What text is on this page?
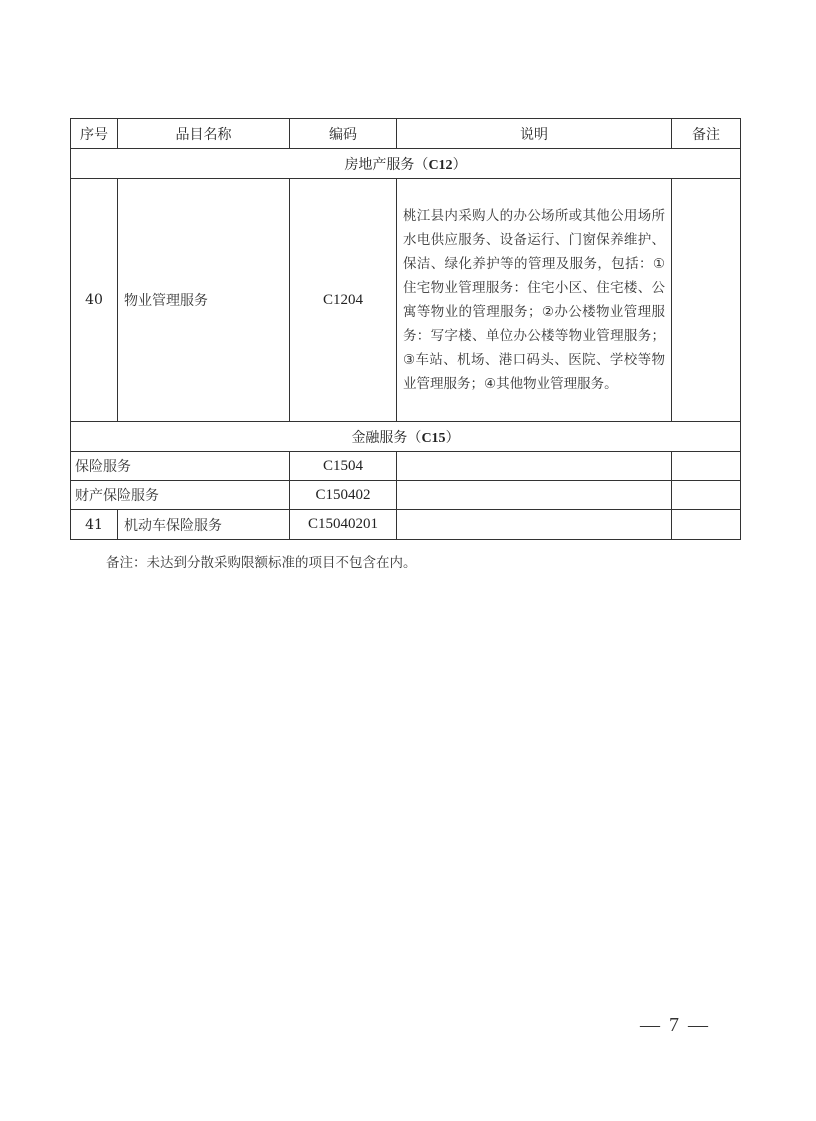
序号	品目名称	编码	说明	备注
房地产服务（C12）				
40	物业管理服务	C1204	桃江县内采购人的办公场所或其他公用场所水电供应服务、设备运行、门窗保养维护、保洁、绿化养护等的管理及服务，包括：①住宅物业管理服务：住宅小区、住宅楼、公寓等物业的管理服务；②办公楼物业管理服务：写字楼、单位办公楼等物业管理服务；③车站、机场、港口码头、医院、学校等物业管理服务；④其他物业管理服务。	
金融服务（C15）				
保险服务		C1504		
财产保险服务		C150402		
41	机动车保险服务	C15040201		
备注：未达到分散采购限额标准的项目不包含在内。
— 7 —
